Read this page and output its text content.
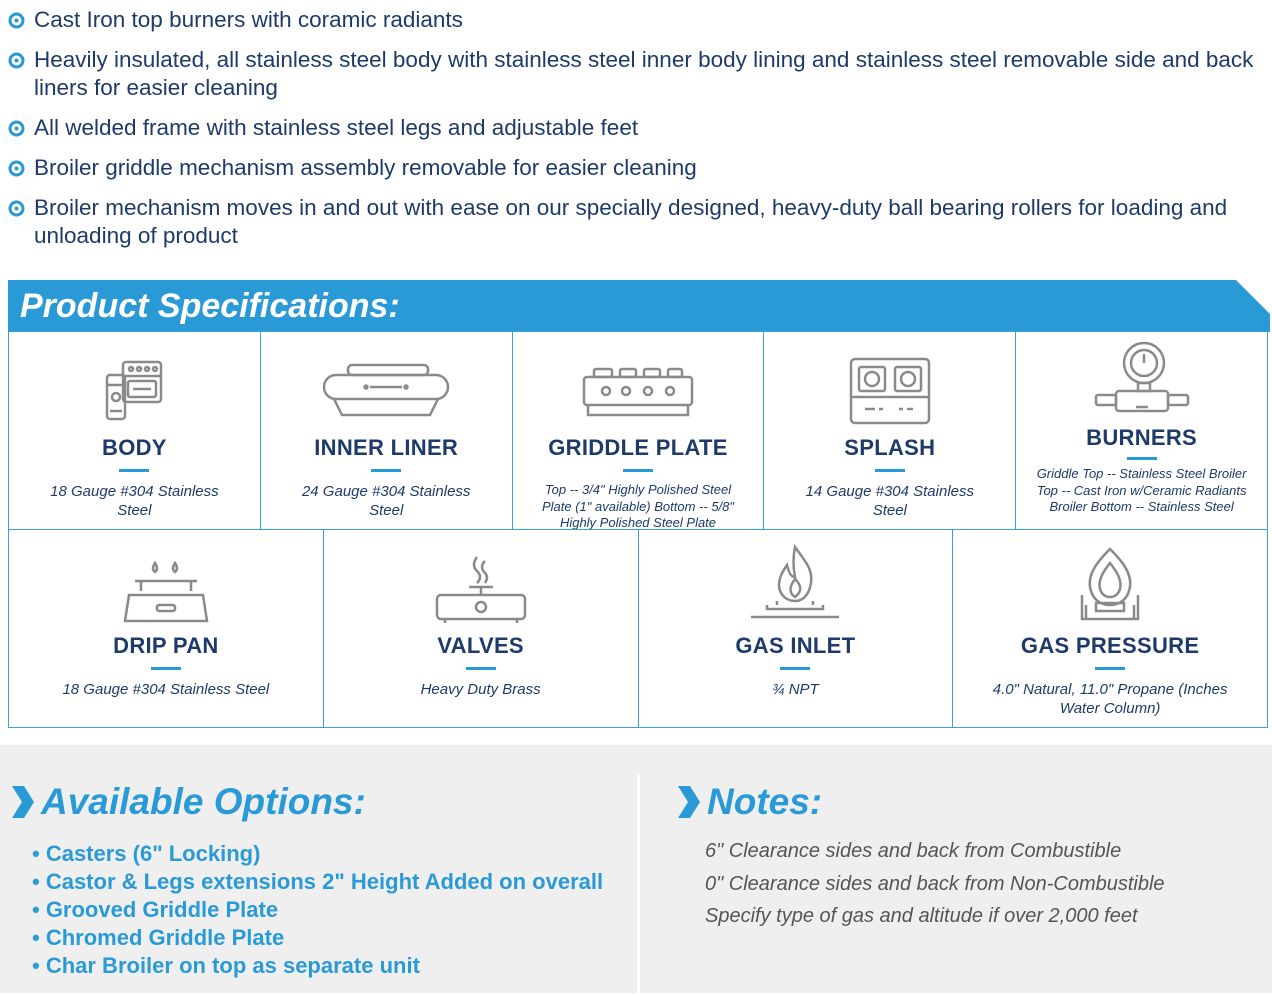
Cast Iron top burners with coramic radiants
Heavily insulated, all stainless steel body with stainless steel inner body lining and stainless steel removable side and back liners for easier cleaning
All welded frame with stainless steel legs and adjustable feet
Broiler griddle mechanism assembly removable for easier cleaning
Broiler mechanism moves in and out with ease on our specially designed, heavy-duty ball bearing rollers for loading and unloading of product
Product Specifications:
BODY
18 Gauge #304 Stainless Steel
INNER LINER
24 Gauge #304 Stainless Steel
GRIDDLE PLATE
Top -- 3/4" Highly Polished Steel Plate (1" available) Bottom -- 5/8" Highly Polished Steel Plate
SPLASH
14 Gauge #304 Stainless Steel
BURNERS
Griddle Top -- Stainless Steel Broiler Top -- Cast Iron w/Ceramic Radiants Broiler Bottom -- Stainless Steel
DRIP PAN
18 Gauge #304 Stainless Steel
VALVES
Heavy Duty Brass
GAS INLET
¾ NPT
GAS PRESSURE
4.0" Natural, 11.0" Propane (Inches Water Column)
Available Options:
• Casters (6" Locking)
• Castor & Legs extensions 2" Height Added on overall
• Grooved Griddle Plate
• Chromed Griddle Plate
• Char Broiler on top as separate unit
Notes:
6" Clearance sides and back from Combustible
0" Clearance sides and back from Non-Combustible
Specify type of gas and altitude if over 2,000 feet
